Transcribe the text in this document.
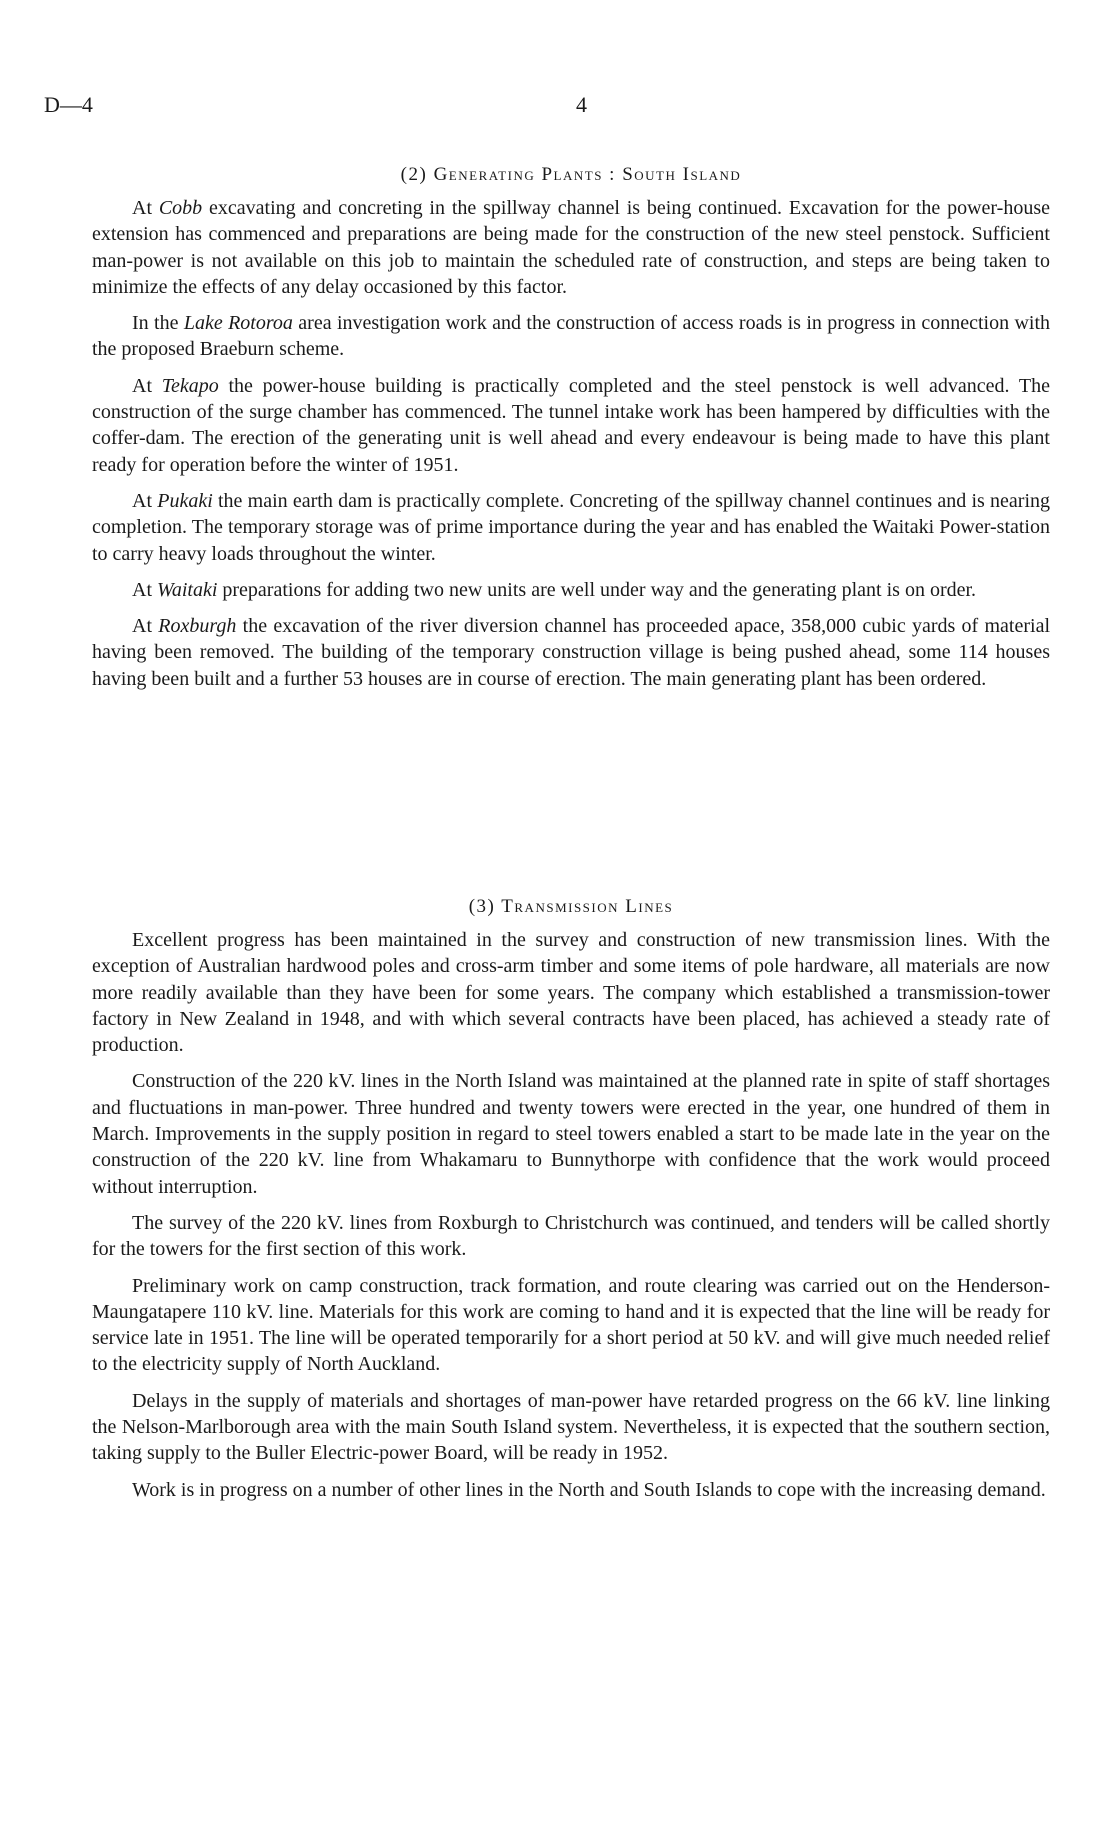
D—4	4
(2) Generating Plants : South Island

At Cobb excavating and concreting in the spillway channel is being continued. Excavation for the power-house extension has commenced and preparations are being made for the construction of the new steel penstock. Sufficient man-power is not available on this job to maintain the scheduled rate of construction, and steps are being taken to minimize the effects of any delay occasioned by this factor.

In the Lake Rotoroa area investigation work and the construction of access roads is in progress in connection with the proposed Braeburn scheme.

At Tekapo the power-house building is practically completed and the steel penstock is well advanced. The construction of the surge chamber has commenced. The tunnel intake work has been hampered by difficulties with the coffer-dam. The erection of the generating unit is well ahead and every endeavour is being made to have this plant ready for operation before the winter of 1951.

At Pukaki the main earth dam is practically complete. Concreting of the spillway channel continues and is nearing completion. The temporary storage was of prime importance during the year and has enabled the Waitaki Power-station to carry heavy loads throughout the winter.

At Waitaki preparations for adding two new units are well under way and the generating plant is on order.

At Roxburgh the excavation of the river diversion channel has proceeded apace, 358,000 cubic yards of material having been removed. The building of the temporary construction village is being pushed ahead, some 114 houses having been built and a further 53 houses are in course of erection. The main generating plant has been ordered.

(3) Transmission Lines

Excellent progress has been maintained in the survey and construction of new transmission lines. With the exception of Australian hardwood poles and cross-arm timber and some items of pole hardware, all materials are now more readily available than they have been for some years. The company which established a transmission-tower factory in New Zealand in 1948, and with which several contracts have been placed, has achieved a steady rate of production.

Construction of the 220 kV. lines in the North Island was maintained at the planned rate in spite of staff shortages and fluctuations in man-power. Three hundred and twenty towers were erected in the year, one hundred of them in March. Improvements in the supply position in regard to steel towers enabled a start to be made late in the year on the construction of the 220 kV. line from Whakamaru to Bunnythorpe with confidence that the work would proceed without interruption.

The survey of the 220 kV. lines from Roxburgh to Christchurch was continued, and tenders will be called shortly for the towers for the first section of this work.

Preliminary work on camp construction, track formation, and route clearing was carried out on the Henderson-Maungatapere 110 kV. line. Materials for this work are coming to hand and it is expected that the line will be ready for service late in 1951. The line will be operated temporarily for a short period at 50 kV. and will give much needed relief to the electricity supply of North Auckland.

Delays in the supply of materials and shortages of man-power have retarded progress on the 66 kV. line linking the Nelson-Marlborough area with the main South Island system. Nevertheless, it is expected that the southern section, taking supply to the Buller Electric-power Board, will be ready in 1952.

Work is in progress on a number of other lines in the North and South Islands to cope with the increasing demand.
